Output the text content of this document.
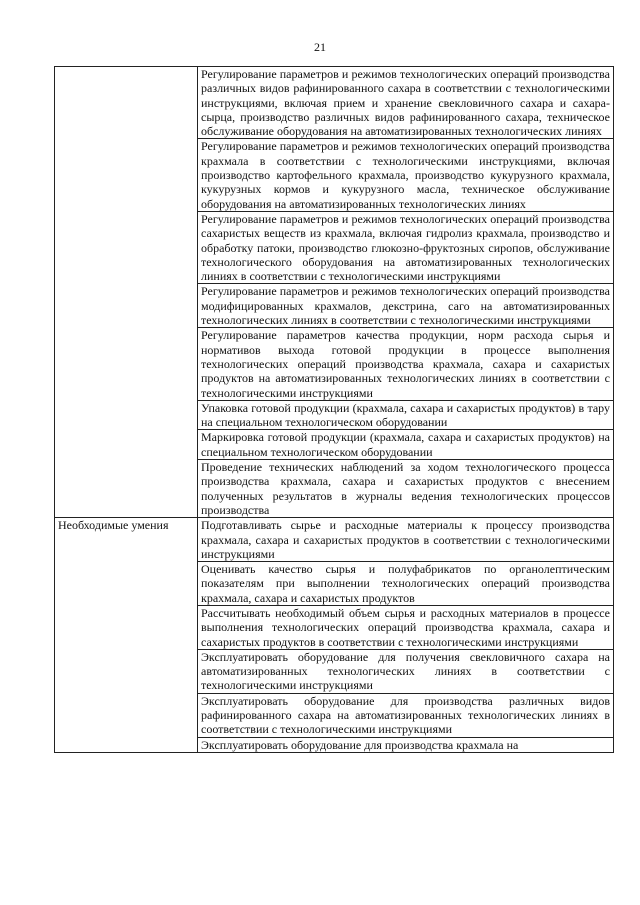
21
	Регулирование параметров и режимов технологических операций производства различных видов рафинированного сахара в соответствии с технологическими инструкциями, включая прием и хранение свекловичного сахара и сахара-сырца, производство различных видов рафинированного сахара, техническое обслуживание оборудования на автоматизированных технологических линиях
	Регулирование параметров и режимов технологических операций производства крахмала в соответствии с технологическими инструкциями, включая производство картофельного крахмала, производство кукурузного крахмала, кукурузных кормов и кукурузного масла, техническое обслуживание оборудования на автоматизированных технологических линиях
	Регулирование параметров и режимов технологических операций производства сахаристых веществ из крахмала, включая гидролиз крахмала, производство и обработку патоки, производство глюкозно-фруктозных сиропов, обслуживание технологического оборудования на автоматизированных технологических линиях в соответствии с технологическими инструкциями
	Регулирование параметров и режимов технологических операций производства модифицированных крахмалов, декстрина, саго на автоматизированных технологических линиях в соответствии с технологическими инструкциями
	Регулирование параметров качества продукции, норм расхода сырья и нормативов выхода готовой продукции в процессе выполнения технологических операций производства крахмала, сахара и сахаристых продуктов на автоматизированных технологических линиях в соответствии с технологическими инструкциями
	Упаковка готовой продукции (крахмала, сахара и сахаристых продуктов) в тару на специальном технологическом оборудовании
	Маркировка готовой продукции (крахмала, сахара и сахаристых продуктов) на специальном технологическом оборудовании
	Проведение технических наблюдений за ходом технологического процесса производства крахмала, сахара и сахаристых продуктов с внесением полученных результатов в журналы ведения технологических процессов производства
Необходимые умения	Подготавливать сырье и расходные материалы к процессу производства крахмала, сахара и сахаристых продуктов в соответствии с технологическими инструкциями
	Оценивать качество сырья и полуфабрикатов по органолептическим показателям при выполнении технологических операций производства крахмала, сахара и сахаристых продуктов
	Рассчитывать необходимый объем сырья и расходных материалов в процессе выполнения технологических операций производства крахмала, сахара и сахаристых продуктов в соответствии с технологическими инструкциями
	Эксплуатировать оборудование для получения свекловичного сахара на автоматизированных технологических линиях в соответствии с технологическими инструкциями
	Эксплуатировать оборудование для производства различных видов рафинированного сахара на автоматизированных технологических линиях в соответствии с технологическими инструкциями
	Эксплуатировать оборудование для производства крахмала на
